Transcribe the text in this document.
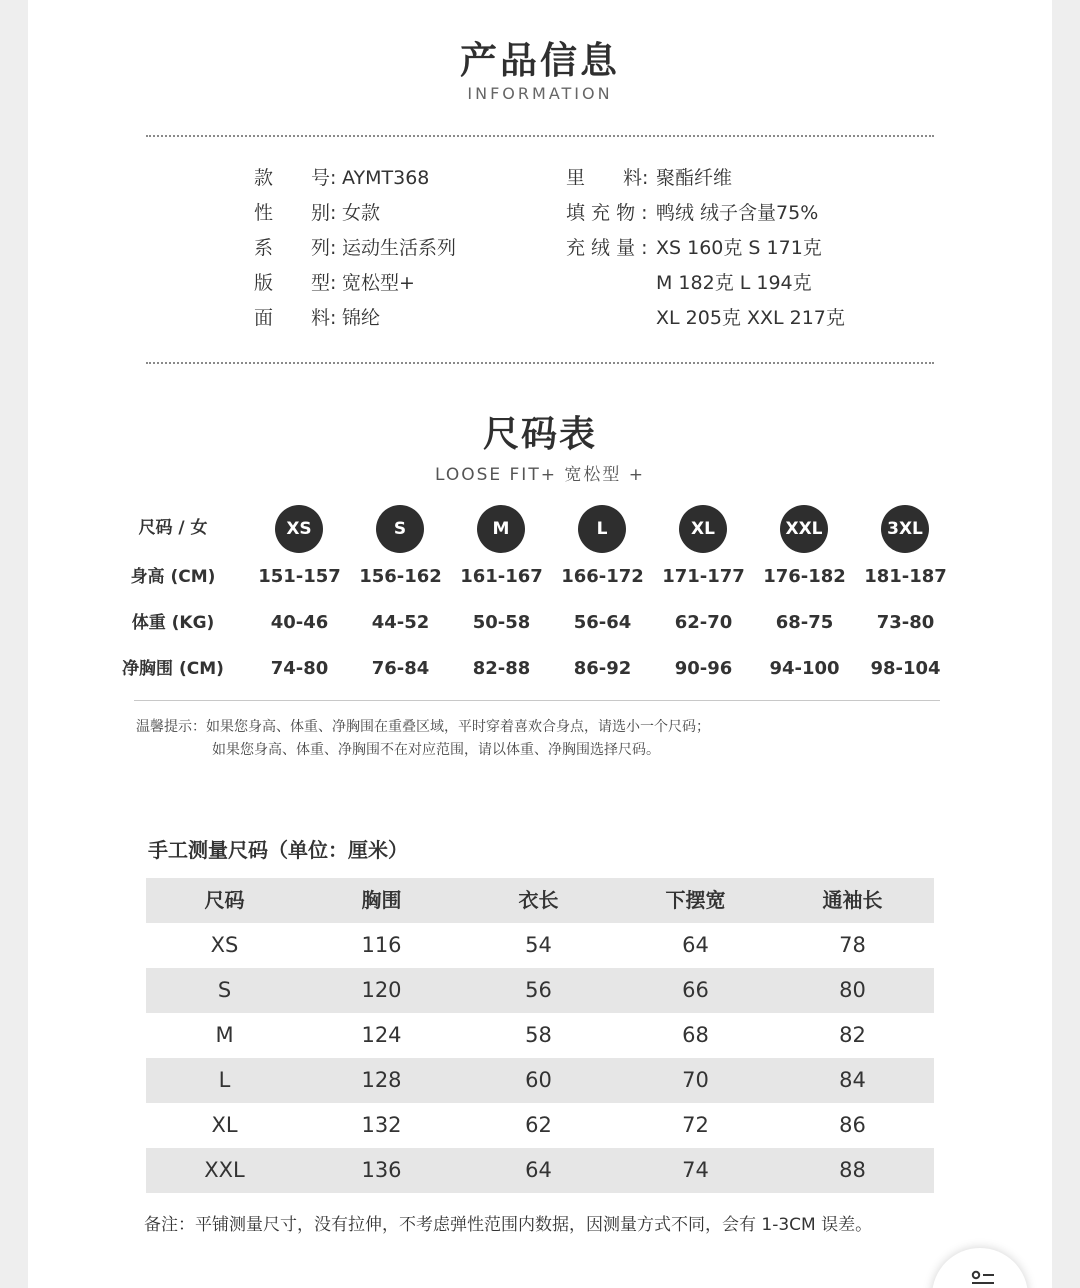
产品信息
INFORMATION
款　　号: AYMT368
性　　别: 女款
系　　列: 运动生活系列
版　　型: 宽松型+
面　　料: 锦纶
里　　料: 聚酯纤维
填 充 物 : 鸭绒 绒子含量75%
充 绒 量 : XS 160克 S 171克
M 182克 L 194克
XL 205克 XXL 217克
尺码表
LOOSE FIT+ 宽松型 +
尺码 / 女	XS	S	M	L	XL	XXL	3XL
身高 (CM)	151-157	156-162	161-167	166-172	171-177	176-182	181-187
体重 (KG)	40-46	44-52	50-58	56-64	62-70	68-75	73-80
净胸围 (CM)	74-80	76-84	82-88	86-92	90-96	94-100	98-104
温馨提示：如果您身高、体重、净胸围在重叠区域，平时穿着喜欢合身点，请选小一个尺码；
如果您身高、体重、净胸围不在对应范围，请以体重、净胸围选择尺码。
手工测量尺码（单位：厘米）
尺码	胸围	衣长	下摆宽	通袖长
XS	116	54	64	78
S	120	56	66	80
M	124	58	68	82
L	128	60	70	84
XL	132	62	72	86
XXL	136	64	74	88
备注：平铺测量尺寸，没有拉伸，不考虑弹性范围内数据，因测量方式不同，会有 1-3CM 误差。
